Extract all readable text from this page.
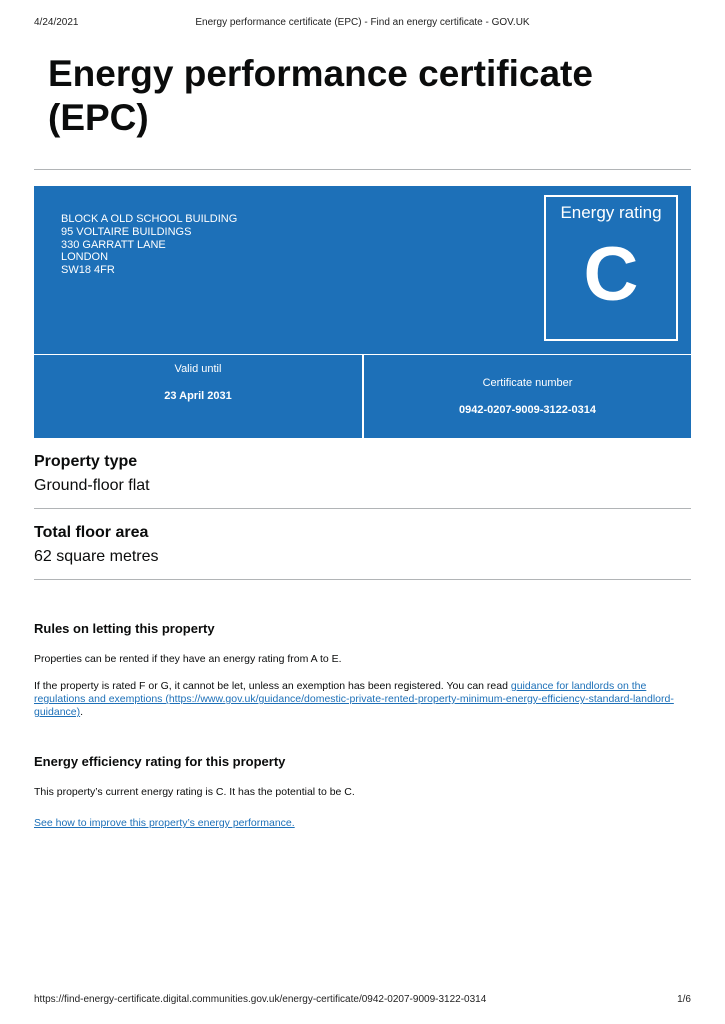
4/24/2021	Energy performance certificate (EPC) - Find an energy certificate - GOV.UK
Energy performance certificate (EPC)
BLOCK A OLD SCHOOL BUILDING
95 VOLTAIRE BUILDINGS
330 GARRATT LANE
LONDON
SW18 4FR
Energy rating
C
Valid until
23 April 2031
Certificate number
0942-0207-9009-3122-0314
Property type
Ground-floor flat
Total floor area
62 square metres
Rules on letting this property

Properties can be rented if they have an energy rating from A to E.

If the property is rated F or G, it cannot be let, unless an exemption has been registered. You can read guidance for landlords on the regulations and exemptions (https://www.gov.uk/guidance/domestic-private-rented-property-minimum-energy-efficiency-standard-landlord-guidance).

Energy efficiency rating for this property

This property’s current energy rating is C. It has the potential to be C.

See how to improve this property’s energy performance.

https://find-energy-certificate.digital.communities.gov.uk/energy-certificate/0942-0207-9009-3122-0314	1/6
